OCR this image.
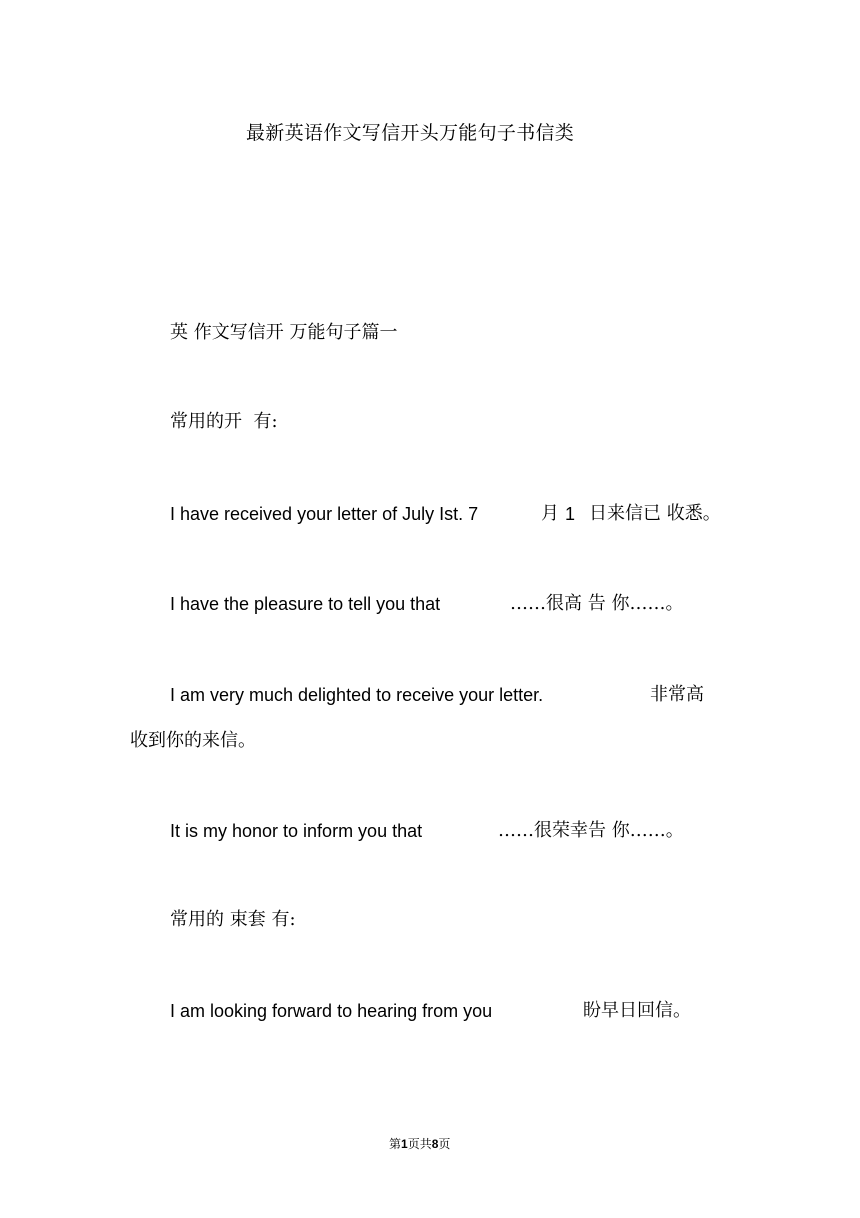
最新英语作文写信开头万能句子书信类
英 作文写信开 万能句子篇一
常用的开  有:
I have received your letter of July Ist. 7	月 1 日来信已 收悉。
I have the pleasure to tell you that	……很高 告 你……。
I am very much delighted to receive your letter.	非常高
收到你的来信。
It is my honor to inform you that	……很荣幸告 你……。
常用的 束套 有:
I am looking forward to hearing from you	盼早日回信。
第1页共8页
